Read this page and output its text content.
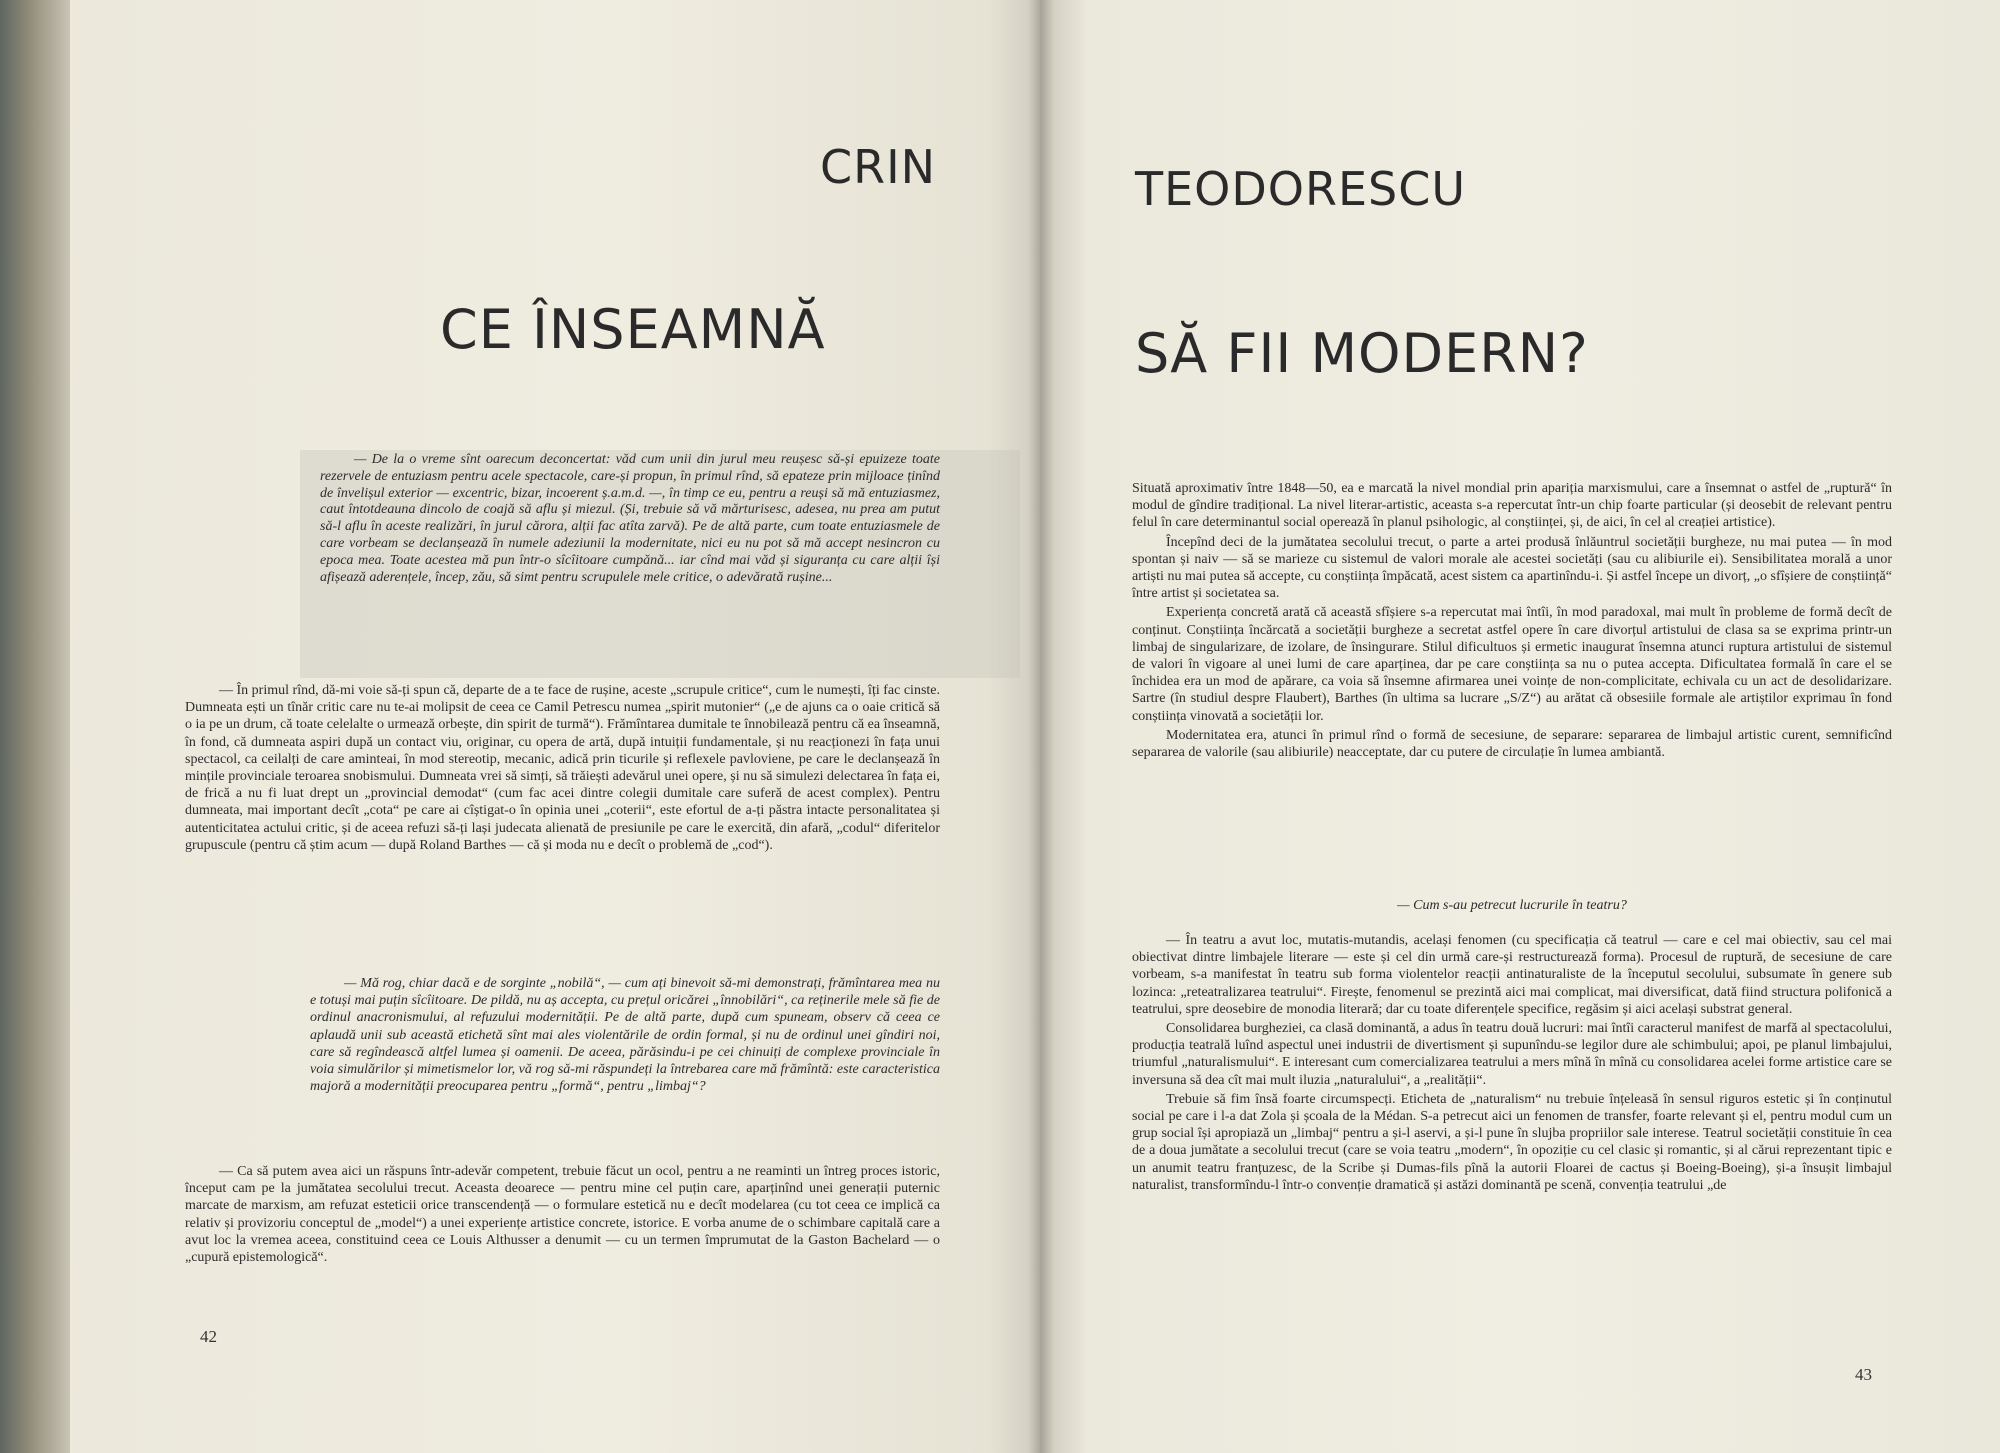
CRIN
CE ÎNSEAMNĂ

— De la o vreme sînt oarecum deconcertat: văd cum unii din jurul meu reușesc să-și epuizeze toate rezervele de entuziasm pentru acele spectacole, care-și propun, în primul rînd, să epateze prin mijloace ținînd de învelișul exterior — excentric, bizar, incoerent ș.a.m.d. —, în timp ce eu, pentru a reuși să mă entuziasmez, caut întotdeauna dincolo de coajă să aflu și miezul. (Și, trebuie să vă mărturisesc, adesea, nu prea am putut să-l aflu în aceste realizări, în jurul cărora, alții fac atîta zarvă). Pe de altă parte, cum toate entuziasmele de care vorbeam se declanșează în numele adeziunii la modernitate, nici eu nu pot să mă accept nesincron cu epoca mea. Toate acestea mă pun într-o sîcîitoare cumpănă... iar cînd mai văd și siguranța cu care alții își afișează aderențele, încep, zău, să simt pentru scrupulele mele critice, o adevărată rușine...

— În primul rînd, dă-mi voie să-ți spun că, departe de a te face de rușine, aceste „scrupule critice“, cum le numești, îți fac cinste. Dumneata ești un tînăr critic care nu te-ai molipsit de ceea ce Camil Petrescu numea „spirit mutonier“ („e de ajuns ca o oaie critică să o ia pe un drum, că toate celelalte o urmează orbește, din spirit de turmă“). Frămîntarea dumitale te înnobilează pentru că ea înseamnă, în fond, că dumneata aspiri după un contact viu, originar, cu opera de artă, după intuiții fundamentale, și nu reacționezi în fața unui spectacol, ca ceilalți de care aminteai, în mod stereotip, mecanic, adică prin ticurile și reflexele pavloviene, pe care le declanșează în mințile provinciale teroarea snobismului. Dumneata vrei să simți, să trăiești adevărul unei opere, și nu să simulezi delectarea în fața ei, de frică a nu fi luat drept un „provincial demodat“ (cum fac acei dintre colegii dumitale care suferă de acest complex). Pentru dumneata, mai important decît „cota“ pe care ai cîștigat-o în opinia unei „coterii“, este efortul de a-ți păstra intacte personalitatea și autenticitatea actului critic, și de aceea refuzi să-ți lași judecata alienată de presiunile pe care le exercită, din afară, „codul“ diferitelor grupuscule (pentru că știm acum — după Roland Barthes — că și moda nu e decît o problemă de „cod“).

— Mă rog, chiar dacă e de sorginte „nobilă“, — cum ați binevoit să-mi demonstrați, frămîntarea mea nu e totuși mai puțin sîcîitoare. De pildă, nu aș accepta, cu prețul oricărei „înnobilări“, ca reținerile mele să fie de ordinul anacronismului, al refuzului modernității. Pe de altă parte, după cum spuneam, observ că ceea ce aplaudă unii sub această etichetă sînt mai ales violentările de ordin formal, și nu de ordinul unei gîndiri noi, care să regîndească altfel lumea și oamenii. De aceea, părăsindu-i pe cei chinuiți de complexe provinciale în voia simulărilor și mimetismelor lor, vă rog să-mi răspundeți la întrebarea care mă frămîntă: este caracteristica majoră a modernității preocuparea pentru „formă“, pentru „limbaj“?

— Ca să putem avea aici un răspuns într-adevăr competent, trebuie făcut un ocol, pentru a ne reaminti un întreg proces istoric, început cam pe la jumătatea secolului trecut. Aceasta deoarece — pentru mine cel puțin care, aparținînd unei generații puternic marcate de marxism, am refuzat esteticii orice transcendență — o formulare estetică nu e decît modelarea (cu tot ceea ce implică ca relativ și provizoriu conceptul de „model“) a unei experiențe artistice concrete, istorice. E vorba anume de o schimbare capitală care a avut loc la vremea aceea, constituind ceea ce Louis Althusser a denumit — cu un termen împrumutat de la Gaston Bachelard — o „cupură epistemologică“.

42
TEODORESCU
SĂ FII MODERN?

Situată aproximativ între 1848—50, ea e marcată la nivel mondial prin apariția marxismului, care a însemnat o astfel de „ruptură“ în modul de gîndire tradițional. La nivel literar-artistic, aceasta s-a repercutat într-un chip foarte particular (și deosebit de relevant pentru felul în care determinantul social operează în planul psihologic, al conștiinței, și, de aici, în cel al creației artistice).

Începînd deci de la jumătatea secolului trecut, o parte a artei produsă înlăuntrul societății burgheze, nu mai putea — în mod spontan și naiv — să se marieze cu sistemul de valori morale ale acestei societăți (sau cu alibiurile ei). Sensibilitatea morală a unor artiști nu mai putea să accepte, cu conștiința împăcată, acest sistem ca apartinîndu-i. Și astfel începe un divorț, „o sfîșiere de conștiință“ între artist și societatea sa.

Experiența concretă arată că această sfîșiere s-a repercutat mai întîi, în mod paradoxal, mai mult în probleme de formă decît de conținut. Conștiința încărcată a societății burgheze a secretat astfel opere în care divorțul artistului de clasa sa se exprima printr-un limbaj de singularizare, de izolare, de însingurare. Stilul dificultuos și ermetic inaugurat însemna atunci ruptura artistului de sistemul de valori în vigoare al unei lumi de care aparținea, dar pe care conștiința sa nu o putea accepta. Dificultatea formală în care el se închidea era un mod de apărare, ca voia să însemne afirmarea unei voințe de non-complicitate, echivala cu un act de desolidarizare. Sartre (în studiul despre Flaubert), Barthes (în ultima sa lucrare „S/Z“) au arătat că obsesiile formale ale artiștilor exprimau în fond conștiința vinovată a societății lor.

Modernitatea era, atunci în primul rînd o formă de secesiune, de separare: separarea de limbajul artistic curent, semnificînd separarea de valorile (sau alibiurile) neacceptate, dar cu putere de circulație în lumea ambiantă.

— Cum s-au petrecut lucrurile în teatru?

— În teatru a avut loc, mutatis-mutandis, același fenomen (cu specificația că teatrul — care e cel mai obiectiv, sau cel mai obiectivat dintre limbajele literare — este și cel din urmă care-și restructurează forma). Procesul de ruptură, de secesiune de care vorbeam, s-a manifestat în teatru sub forma violentelor reacții antinaturaliste de la începutul secolului, subsumate în genere sub lozinca: „reteatralizarea teatrului“. Firește, fenomenul se prezintă aici mai complicat, mai diversificat, dată fiind structura polifonică a teatrului, spre deosebire de monodia literară; dar cu toate diferențele specifice, regăsim și aici același substrat general.

Consolidarea burgheziei, ca clasă dominantă, a adus în teatru două lucruri: mai întîi caracterul manifest de marfă al spectacolului, producția teatrală luînd aspectul unei industrii de divertisment și supunîndu-se legilor dure ale schimbului; apoi, pe planul limbajului, triumful „naturalismului“. E interesant cum comercializarea teatrului a mers mînă în mînă cu consolidarea acelei forme artistice care se inversuna să dea cît mai mult iluzia „naturalului“, a „realității“.

Trebuie să fim însă foarte circumspecți. Eticheta de „naturalism“ nu trebuie înțeleasă în sensul riguros estetic și în conținutul social pe care i l-a dat Zola și școala de la Médan. S-a petrecut aici un fenomen de transfer, foarte relevant și el, pentru modul cum un grup social își apropiază un „limbaj“ pentru a și-l aservi, a și-l pune în slujba propriilor sale interese. Teatrul societății constituie în cea de a doua jumătate a secolului trecut (care se voia teatru „modern“, în opoziție cu cel clasic și romantic, și al cărui reprezentant tipic e un anumit teatru franțuzesc, de la Scribe și Dumas-fils pînă la autorii Floarei de cactus și Boeing-Boeing), și-a însușit limbajul naturalist, transformîndu-l într-o convenție dramatică și astăzi dominantă pe scenă, convenția teatrului „de

43
